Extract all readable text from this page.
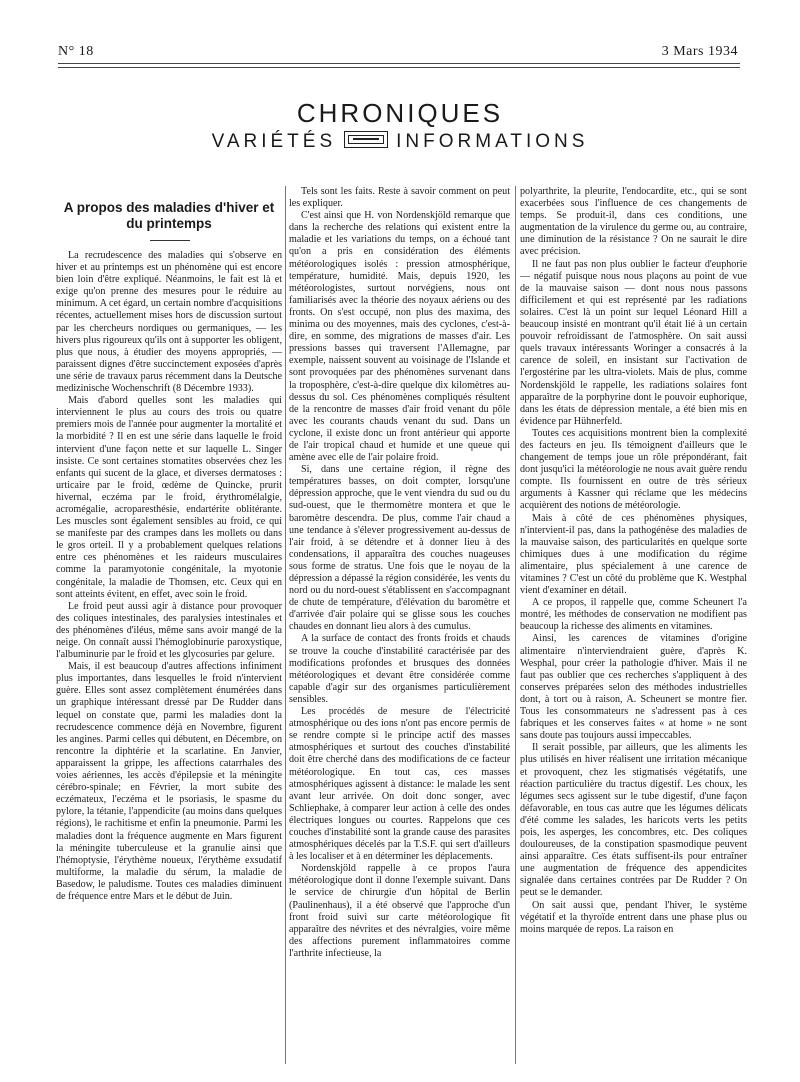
N° 18	3 Mars 1934
CHRONIQUES
VARIÉTÉS	INFORMATIONS
A propos des maladies d'hiver et du printemps

La recrudescence des maladies qui s'observe en hiver et au printemps est un phénomène qui est encore bien loin d'être expliqué. Néanmoins, le fait est là et exige qu'on prenne des mesures pour le réduire au minimum. A cet égard, un certain nombre d'acquisitions récentes, actuellement mises hors de discussion surtout par les chercheurs nordiques ou germaniques, — les hivers plus rigoureux qu'ils ont à supporter les obligent, plus que nous, à étudier des moyens appropriés, — paraissent dignes d'être succinctement exposées d'après une série de travaux parus récemment dans la Deutsche medizinische Wochenschrift (8 Décembre 1933).

Mais d'abord quelles sont les maladies qui interviennent le plus au cours des trois ou quatre premiers mois de l'année pour augmenter la mortalité et la morbidité ? Il en est une série dans laquelle le froid intervient d'une façon nette et sur laquelle L. Singer insiste. Ce sont certaines stomatites observées chez les enfants qui sucent de la glace, et diverses dermatoses : urticaire par le froid, œdème de Quincke, prurit hivernal, eczéma par le froid, érythromélalgie, acromégalie, acroparesthésie, endartérite oblitérante. Les muscles sont également sensibles au froid, ce qui se manifeste par des crampes dans les mollets ou dans le gros orteil. Il y a probablement quelques relations entre ces phénomènes et les raideurs musculaires comme la paramyotonie congénitale, la myotonie congénitale, la maladie de Thomsen, etc. Ceux qui en sont atteints évitent, en effet, avec soin le froid.

Le froid peut aussi agir à distance pour provoquer des coliques intestinales, des paralysies intestinales et des phénomènes d'iléus, même sans avoir mangé de la neige. On connaît aussi l'hémoglobinurie paroxystique, l'albuminurie par le froid et les glycosuries par gelure.

Mais, il est beaucoup d'autres affections infiniment plus importantes, dans lesquelles le froid n'intervient guère. Elles sont assez complètement énumérées dans un graphique intéressant dressé par De Rudder dans lequel on constate que, parmi les maladies dont la recrudescence commence déjà en Novembre, figurent les angines. Parmi celles qui débutent, en Décembre, on rencontre la diphtérie et la scarlatine. En Janvier, apparaissent la grippe, les affections catarrhales des voies aériennes, les accès d'épilepsie et la méningite cérébro-spinale; en Février, la mort subite des eczémateux, l'eczéma et le psoriasis, le spasme du pylore, la tétanie, l'appendicite (au moins dans quelques régions), le rachitisme et enfin la pneumonie. Parmi les maladies dont la fréquence augmente en Mars figurent la méningite tuberculeuse et la granulie ainsi que l'hémoptysie, l'érythème noueux, l'érythème exsudatif multiforme, la maladie du sérum, la maladie de Basedow, le paludisme. Toutes ces maladies diminuent de fréquence entre Mars et le début de Juin.

Tels sont les faits. Reste à savoir comment on peut les expliquer.

C'est ainsi que H. von Nordenskjöld remarque que dans la recherche des relations qui existent entre la maladie et les variations du temps, on a échoué tant qu'on a pris en considération des éléments météorologiques isolés : pression atmosphérique, température, humidité. Mais, depuis 1920, les météorologistes, surtout norvégiens, nous ont familiarisés avec la théorie des noyaux aériens ou des fronts. On s'est occupé, non plus des maxima, des minima ou des moyennes, mais des cyclones, c'est-à-dire, en somme, des migrations de masses d'air. Les pressions basses qui traversent l'Allemagne, par exemple, naissent souvent au voisinage de l'Islande et sont provoquées par des phénomènes survenant dans la troposphère, c'est-à-dire quelque dix kilomètres au-dessus du sol. Ces phénomènes compliqués résultent de la rencontre de masses d'air froid venant du pôle avec les courants chauds venant du sud. Dans un cyclone, il existe donc un front antérieur qui apporte de l'air tropical chaud et humide et une queue qui amène avec elle de l'air polaire froid.

Si, dans une certaine région, il règne des températures basses, on doit compter, lorsqu'une dépression approche, que le vent viendra du sud ou du sud-ouest, que le thermomètre montera et que le baromètre descendra. De plus, comme l'air chaud a une tendance à s'élever progressivement au-dessus de l'air froid, à se détendre et à donner lieu à des condensations, il apparaîtra des couches nuageuses sous forme de stratus. Une fois que le noyau de la dépression a dépassé la région considérée, les vents du nord ou du nord-ouest s'établissent en s'accompagnant de chute de température, d'élévation du baromètre et d'arrivée d'air polaire qui se glisse sous les couches chaudes en donnant lieu alors à des cumulus.

A la surface de contact des fronts froids et chauds se trouve la couche d'instabilité caractérisée par des modifications profondes et brusques des données météorologiques et devant être considérée comme capable d'agir sur des organismes particulièrement sensibles.

Les procédés de mesure de l'électricité atmosphérique ou des ions n'ont pas encore permis de se rendre compte si le principe actif des masses atmosphériques et surtout des couches d'instabilité doit être cherché dans des modifications de ce facteur météorologique. En tout cas, ces masses atmosphériques agissent à distance: le malade les sent avant leur arrivée. On doit donc songer, avec Schliephake, à comparer leur action à celle des ondes électriques longues ou courtes. Rappelons que ces couches d'instabilité sont la grande cause des parasites atmosphériques décelés par la T.S.F. qui sert d'ailleurs à les localiser et à en déterminer les déplacements.

Nordenskjöld rappelle à ce propos l'aura météorologique dont il donne l'exemple suivant. Dans le service de chirurgie d'un hôpital de Berlin (Paulinenhaus), il a été observé que l'approche d'un front froid suivi sur carte météorologique fit apparaître des névrites et des névralgies, voire même des affections purement inflammatoires comme l'arthrite infectieuse, la

polyarthrite, la pleurite, l'endocardite, etc., qui se sont exacerbées sous l'influence de ces changements de temps. Se produit-il, dans ces conditions, une augmentation de la virulence du germe ou, au contraire, une diminution de la résistance ? On ne saurait le dire avec précision.

Il ne faut pas non plus oublier le facteur d'euphorie — négatif puisque nous nous plaçons au point de vue de la mauvaise saison — dont nous nous passons difficilement et qui est représenté par les radiations solaires. C'est là un point sur lequel Léonard Hill a beaucoup insisté en montrant qu'il était lié à un certain pouvoir refroidissant de l'atmosphère. On sait aussi quels travaux intéressants Woringer a consacrés à la carence de soleil, en insistant sur l'activation de l'ergostérine par les ultra-violets. Mais de plus, comme Nordenskjöld le rappelle, les radiations solaires font apparaître de la porphyrine dont le pouvoir euphorique, dans les états de dépression mentale, a été bien mis en évidence par Hühnerfeld.

Toutes ces acquisitions montrent bien la complexité des facteurs en jeu. Ils témoignent d'ailleurs que le changement de temps joue un rôle prépondérant, fait dont jusqu'ici la météorologie ne nous avait guère rendu compte. Ils fournissent en outre de très sérieux arguments à Kassner qui réclame que les médecins acquièrent des notions de météorologie.

Mais à côté de ces phénomènes physiques, n'intervient-il pas, dans la pathogénèse des maladies de la mauvaise saison, des particularités en quelque sorte chimiques dues à une modification du régime alimentaire, plus spécialement à une carence de vitamines ? C'est un côté du problème que K. Westphal vient d'examiner en détail.

A ce propos, il rappelle que, comme Scheunert l'a montré, les méthodes de conservation ne modifient pas beaucoup la richesse des aliments en vitamines.

Ainsi, les carences de vitamines d'origine alimentaire n'interviendraient guère, d'après K. Wesphal, pour créer la pathologie d'hiver. Mais il ne faut pas oublier que ces recherches s'appliquent à des conserves préparées selon des méthodes industrielles dont, à tort ou à raison, A. Scheunert se montre fier. Tous les consommateurs ne s'adressent pas à ces fabriques et les conserves faites « at home » ne sont sans doute pas toujours aussi impeccables.

Il serait possible, par ailleurs, que les aliments les plus utilisés en hiver réalisent une irritation mécanique et provoquent, chez les stigmatisés végétatifs, une réaction particulière du tractus digestif. Les choux, les légumes secs agissent sur le tube digestif, d'une façon défavorable, en tous cas autre que les légumes délicats d'été comme les salades, les haricots verts les petits pois, les asperges, les concombres, etc. Des coliques douloureuses, de la constipation spasmodique peuvent ainsi apparaître. Ces états suffisent-ils pour entraîner une augmentation de fréquence des appendicites signalée dans certaines contrées par De Rudder ? On peut se le demander.

On sait aussi que, pendant l'hiver, le système végétatif et la thyroïde entrent dans une phase plus ou moins marquée de repos. La raison en
